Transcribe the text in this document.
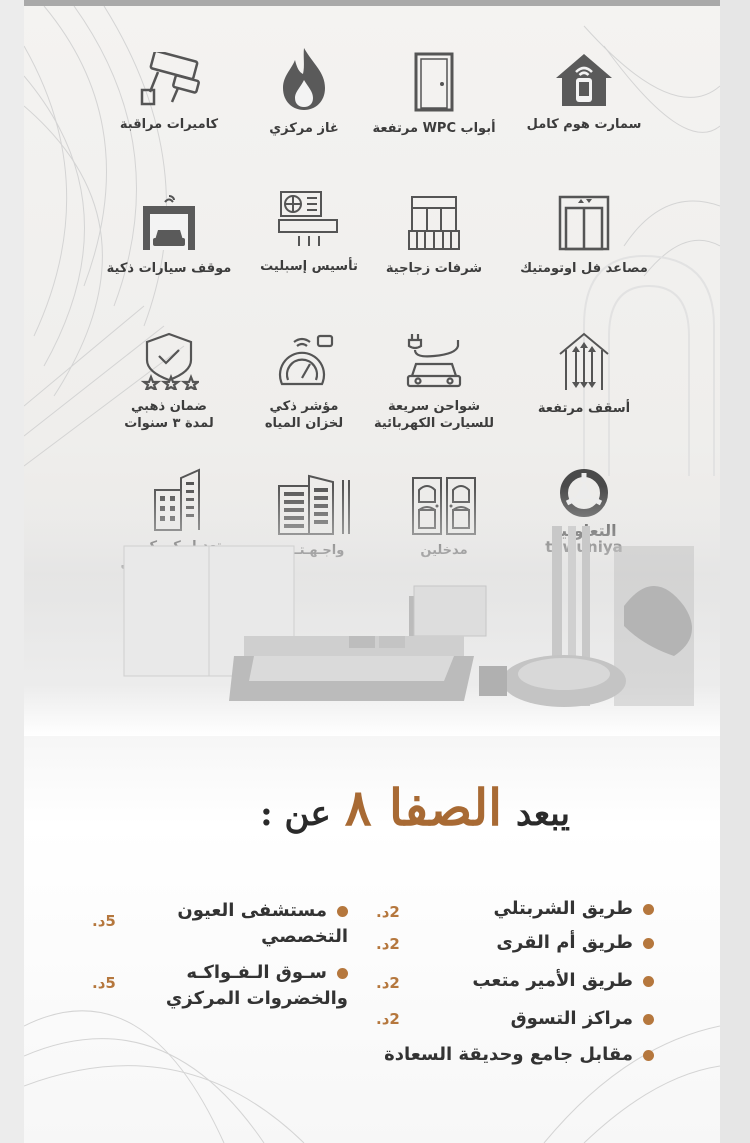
سمارت هوم كامل
أبواب WPC مرتفعة
غاز مركزي
كاميرات مراقبة
مصاعد فل اوتومتيك
شرفات زجاجية
تأسيس إسبليت
موقف سيارات ذكية
أسقف مرتفعة
شواحن سريعة
للسيارت الكهربائية
مؤشر ذكي
لخزان المياه
ضمان ذهبي
لمدة ٣ سنوات
يبعد
الصفا ٨
عن :
طريق الشربتلي
2د.
طريق أم القرى
2د.
طريق الأمير متعب
2د.
مراكز التسوق
2د.
مقابل جامع وحديقة السعادة
مستشفى العيون
التخصصي
5د.
سـوق الـفـواكـه
والخضروات المركزي
5د.
